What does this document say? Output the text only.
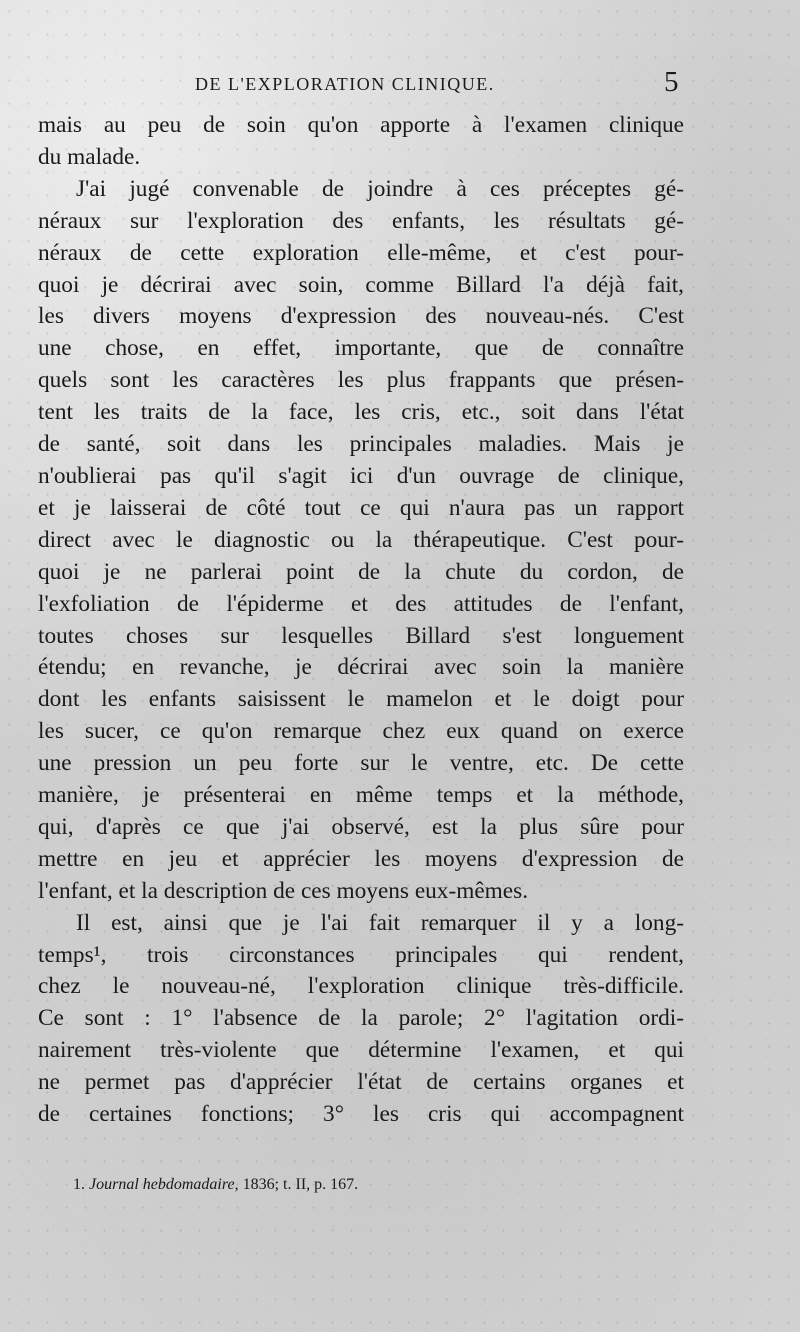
DE L'EXPLORATION CLINIQUE.	5
mais au peu de soin qu'on apporte à l'examen clinique
du malade.
J'ai jugé convenable de joindre à ces préceptes gé-
néraux sur l'exploration des enfants, les résultats gé-
néraux de cette exploration elle-même, et c'est pour-
quoi je décrirai avec soin, comme Billard l'a déjà fait,
les divers moyens d'expression des nouveau-nés. C'est
une chose, en effet, importante, que de connaître
quels sont les caractères les plus frappants que présen-
tent les traits de la face, les cris, etc., soit dans l'état
de santé, soit dans les principales maladies. Mais je
n'oublierai pas qu'il s'agit ici d'un ouvrage de clinique,
et je laisserai de côté tout ce qui n'aura pas un rapport
direct avec le diagnostic ou la thérapeutique. C'est pour-
quoi je ne parlerai point de la chute du cordon, de
l'exfoliation de l'épiderme et des attitudes de l'enfant,
toutes choses sur lesquelles Billard s'est longuement
étendu; en revanche, je décrirai avec soin la manière
dont les enfants saisissent le mamelon et le doigt pour
les sucer, ce qu'on remarque chez eux quand on exerce
une pression un peu forte sur le ventre, etc. De cette
manière, je présenterai en même temps et la méthode,
qui, d'après ce que j'ai observé, est la plus sûre pour
mettre en jeu et apprécier les moyens d'expression de
l'enfant, et la description de ces moyens eux-mêmes.
Il est, ainsi que je l'ai fait remarquer il y a long-
temps¹, trois circonstances principales qui rendent,
chez le nouveau-né, l'exploration clinique très-difficile.
Ce sont : 1° l'absence de la parole; 2° l'agitation ordi-
nairement très-violente que détermine l'examen, et qui
ne permet pas d'apprécier l'état de certains organes et
de certaines fonctions; 3° les cris qui accompagnent
1. Journal hebdomadaire, 1836; t. II, p. 167.
